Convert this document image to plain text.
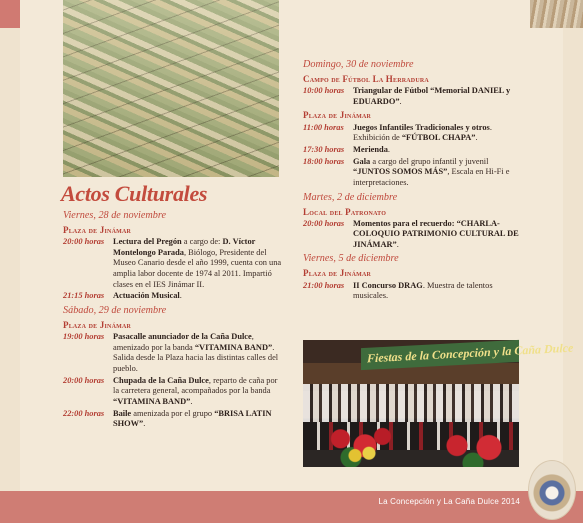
La Concepción y La Caña Dulce 2014
Fiestas de la Concepción y la Caña Dulce
Actos Culturales
Viernes, 28 de noviembre
Plaza de Jinámar
20:00 horas	Lectura del Pregón a cargo de: D. Víctor Montelongo Parada, Biólogo, Presidente del Museo Canario desde el año 1999, cuenta con una amplia labor docente de 1974 al 2011. Impartió clases en el IES Jinámar II.
21:15 horas	Actuación Musical.
Sábado, 29 de noviembre
Plaza de Jinámar
19:00 horas	Pasacalle anunciador de la Caña Dulce, amenizado por la banda “VITAMINA BAND”. Salida desde la Plaza hacia las distintas calles del pueblo.
20:00 horas	Chupada de la Caña Dulce, reparto de caña por la carretera general, acompañados por la banda “VITAMINA BAND”.
22:00 horas	Baile amenizada por el grupo “BRISA LATIN SHOW”.
Domingo, 30 de noviembre
Campo de Fútbol La Herradura
10:00 horas	Triangular de Fútbol “Memorial DANIEL y EDUARDO”.
Plaza de Jinámar
11:00 horas	Juegos Infantiles Tradicionales y otros. Exhibición de “FÚTBOL CHAPA”.
17:30 horas	Merienda.
18:00 horas	Gala a cargo del grupo infantil y juvenil “JUNTOS SOMOS MÁS”, Escala en Hi-Fi e interpretaciones.
Martes, 2 de diciembre
Local del Patronato
20:00 horas	Momentos para el recuerdo: “CHARLA-COLOQUIO PATRIMONIO CULTURAL DE JINÁMAR”.
Viernes, 5 de diciembre
Plaza de Jinámar
21:00 horas	II Concurso DRAG. Muestra de talentos musicales.
